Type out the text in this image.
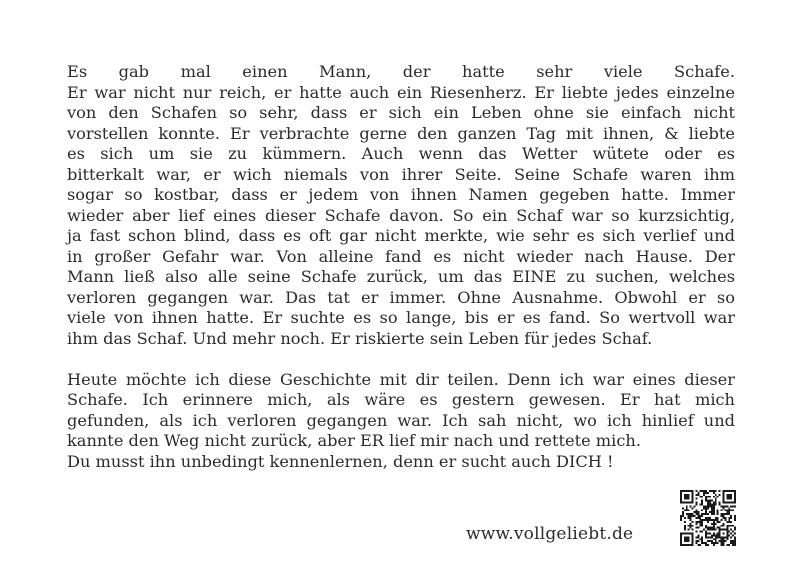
Es gab mal einen Mann, der hatte sehr viele Schafe.
Er war nicht nur reich, er hatte auch ein Riesenherz. Er liebte jedes einzelne
von den Schafen so sehr, dass er sich ein Leben ohne sie einfach nicht
vorstellen konnte. Er verbrachte gerne den ganzen Tag mit ihnen, & liebte
es sich um sie zu kümmern. Auch wenn das Wetter wütete oder es
bitterkalt war, er wich niemals von ihrer Seite. Seine Schafe waren ihm
sogar so kostbar, dass er jedem von ihnen Namen gegeben hatte. Immer
wieder aber lief eines dieser Schafe davon. So ein Schaf war so kurzsichtig,
ja fast schon blind, dass es oft gar nicht merkte, wie sehr es sich verlief und
in großer Gefahr war. Von alleine fand es nicht wieder nach Hause. Der
Mann ließ also alle seine Schafe zurück, um das EINE zu suchen, welches
verloren gegangen war. Das tat er immer. Ohne Ausnahme. Obwohl er so
viele von ihnen hatte. Er suchte es so lange, bis er es fand. So wertvoll war
ihm das Schaf. Und mehr noch. Er riskierte sein Leben für jedes Schaf.
Heute möchte ich diese Geschichte mit dir teilen. Denn ich war eines dieser
Schafe. Ich erinnere mich, als wäre es gestern gewesen. Er hat mich
gefunden, als ich verloren gegangen war. Ich sah nicht, wo ich hinlief und
kannte den Weg nicht zurück, aber ER lief mir nach und rettete mich.
Du musst ihn unbedingt kennenlernen, denn er sucht auch DICH !
www.vollgeliebt.de
